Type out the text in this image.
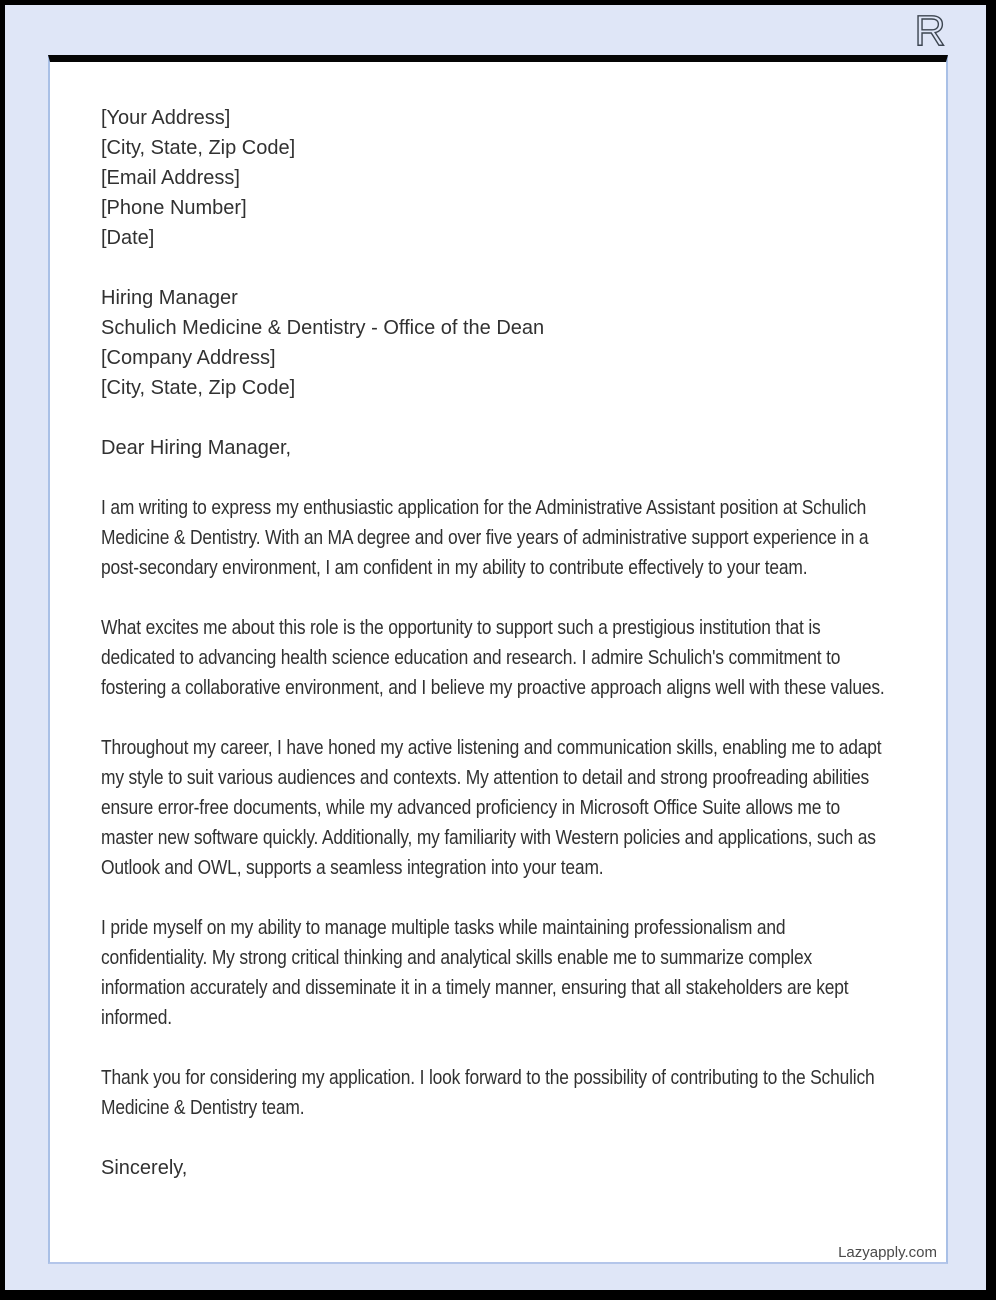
R
[Your Address]
[City, State, Zip Code]
[Email Address]
[Phone Number]
[Date]
Hiring Manager
Schulich Medicine & Dentistry - Office of the Dean
[Company Address]
[City, State, Zip Code]
Dear Hiring Manager,

I am writing to express my enthusiastic application for the Administrative Assistant position at Schulich Medicine & Dentistry. With an MA degree and over five years of administrative support experience in a post-secondary environment, I am confident in my ability to contribute effectively to your team.

What excites me about this role is the opportunity to support such a prestigious institution that is dedicated to advancing health science education and research. I admire Schulich's commitment to fostering a collaborative environment, and I believe my proactive approach aligns well with these values.

Throughout my career, I have honed my active listening and communication skills, enabling me to adapt my style to suit various audiences and contexts. My attention to detail and strong proofreading abilities ensure error-free documents, while my advanced proficiency in Microsoft Office Suite allows me to master new software quickly. Additionally, my familiarity with Western policies and applications, such as Outlook and OWL, supports a seamless integration into your team.

I pride myself on my ability to manage multiple tasks while maintaining professionalism and confidentiality. My strong critical thinking and analytical skills enable me to summarize complex information accurately and disseminate it in a timely manner, ensuring that all stakeholders are kept informed.

Thank you for considering my application. I look forward to the possibility of contributing to the Schulich Medicine & Dentistry team.

Sincerely,
Lazyapply.com
